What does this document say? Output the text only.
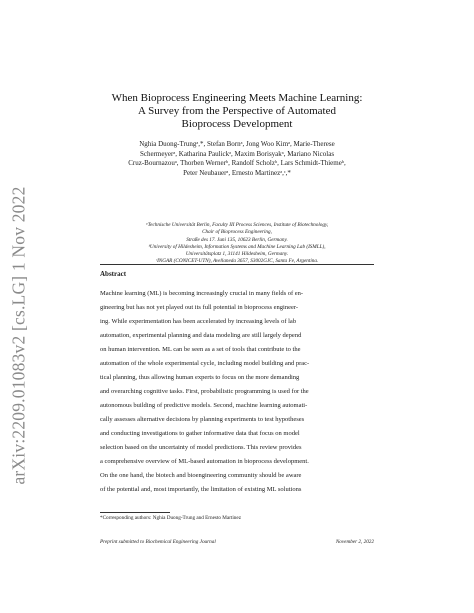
arXiv:2209.01083v2 [cs.LG] 1 Nov 2022
When Bioprocess Engineering Meets Machine Learning:
A Survey from the Perspective of Automated
Bioprocess Development
Nghia Duong-Trungᵃ,*, Stefan Bornᵃ, Jong Woo Kimᵃ, Marie-Therese
Schermeyerᵃ, Katharina Paulickᵃ, Maxim Borisyakᵃ, Mariano Nicolas
Cruz-Bournazouᵃ, Thorben Wernerᵇ, Randolf Scholzᵇ, Lars Schmidt-Thiemeᵇ,
Peter Neubauerᵃ, Ernesto Martinezᵃ,ᶜ,*
ᵃTechnische Universität Berlin, Faculty III Process Sciences, Institute of Biotechnology,
Chair of Bioprocess Engineering,
Straße des 17. Juni 135, 10623 Berlin, Germany.
ᵇUniversity of Hildesheim, Information Systems and Machine Learning Lab (ISMLL),
Universitätsplatz 1, 31141 Hildesheim, Germany.
ᶜINGAR (CONICET-UTN), Avellaneda 3657, S3002GJC, Santa Fe, Argentina.
Abstract
Machine learning (ML) is becoming increasingly crucial in many fields of en-
gineering but has not yet played out its full potential in bioprocess engineer-
ing. While experimentation has been accelerated by increasing levels of lab
automation, experimental planning and data modeling are still largely depend
on human intervention. ML can be seen as a set of tools that contribute to the
automation of the whole experimental cycle, including model building and prac-
tical planning, thus allowing human experts to focus on the more demanding
and overarching cognitive tasks. First, probabilistic programming is used for the
autonomous building of predictive models. Second, machine learning automati-
cally assesses alternative decisions by planning experiments to test hypotheses
and conducting investigations to gather informative data that focus on model
selection based on the uncertainty of model predictions. This review provides
a comprehensive overview of ML-based automation in bioprocess development.
On the one hand, the biotech and bioengineering community should be aware
of the potential and, most importantly, the limitation of existing ML solutions
*Corresponding authors: Nghia Duong-Trung and Ernesto Martinez
Preprint submitted to Biochemical Engineering Journal	November 2, 2022
